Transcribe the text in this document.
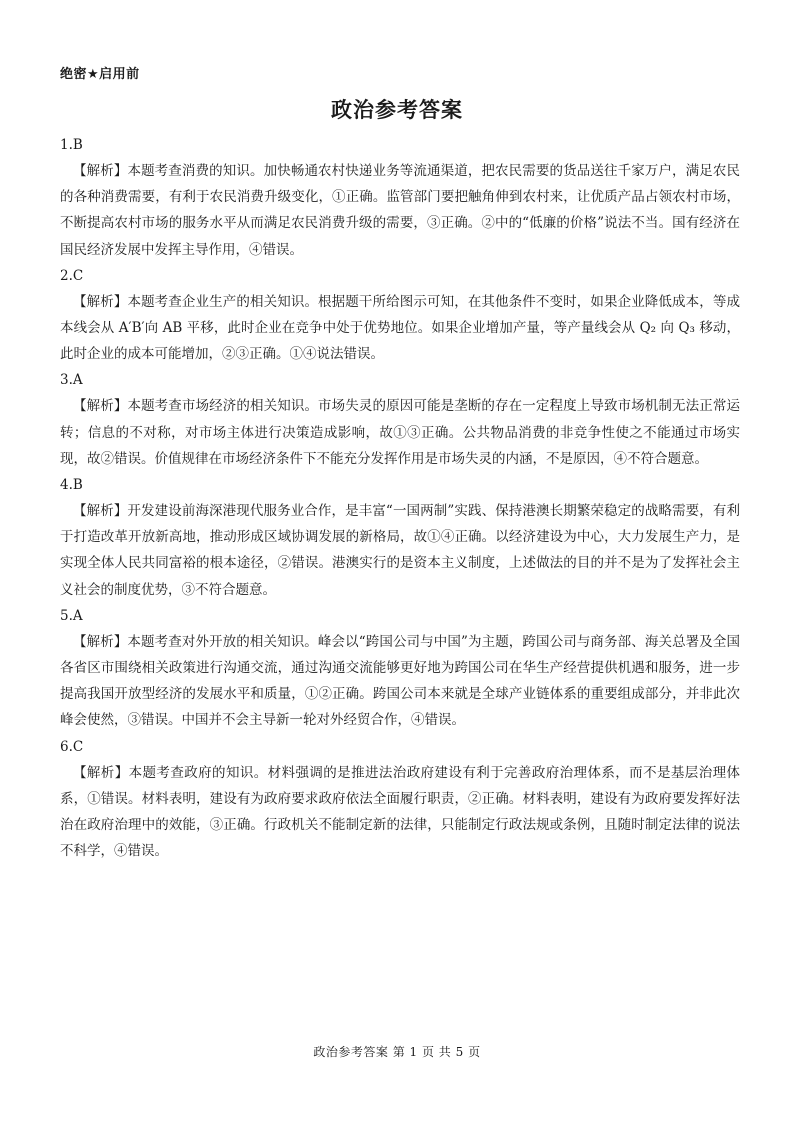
绝密★启用前
政治参考答案

1.B

【解析】本题考查消费的知识。加快畅通农村快递业务等流通渠道，把农民需要的货品送往千家万户，满足农民的各种消费需要，有利于农民消费升级变化，①正确。监管部门要把触角伸到农村来，让优质产品占领农村市场，不断提高农村市场的服务水平从而满足农民消费升级的需要，③正确。②中的“低廉的价格”说法不当。国有经济在国民经济发展中发挥主导作用，④错误。

2.C

【解析】本题考查企业生产的相关知识。根据题干所给图示可知，在其他条件不变时，如果企业降低成本，等成本线会从 A′B′向 AB 平移，此时企业在竞争中处于优势地位。如果企业增加产量，等产量线会从 Q₂ 向 Q₃ 移动，此时企业的成本可能增加，②③正确。①④说法错误。

3.A

【解析】本题考查市场经济的相关知识。市场失灵的原因可能是垄断的存在一定程度上导致市场机制无法正常运转；信息的不对称，对市场主体进行决策造成影响，故①③正确。公共物品消费的非竞争性使之不能通过市场实现，故②错误。价值规律在市场经济条件下不能充分发挥作用是市场失灵的内涵，不是原因，④不符合题意。

4.B

【解析】开发建设前海深港现代服务业合作，是丰富“一国两制”实践、保持港澳长期繁荣稳定的战略需要，有利于打造改革开放新高地，推动形成区域协调发展的新格局，故①④正确。以经济建设为中心，大力发展生产力，是实现全体人民共同富裕的根本途径，②错误。港澳实行的是资本主义制度，上述做法的目的并不是为了发挥社会主义社会的制度优势，③不符合题意。

5.A

【解析】本题考查对外开放的相关知识。峰会以“跨国公司与中国”为主题，跨国公司与商务部、海关总署及全国各省区市围绕相关政策进行沟通交流，通过沟通交流能够更好地为跨国公司在华生产经营提供机遇和服务，进一步提高我国开放型经济的发展水平和质量，①②正确。跨国公司本来就是全球产业链体系的重要组成部分，并非此次峰会使然，③错误。中国并不会主导新一轮对外经贸合作，④错误。

6.C

【解析】本题考查政府的知识。材料强调的是推进法治政府建设有利于完善政府治理体系，而不是基层治理体系，①错误。材料表明，建设有为政府要求政府依法全面履行职责，②正确。材料表明，建设有为政府要发挥好法治在政府治理中的效能，③正确。行政机关不能制定新的法律，只能制定行政法规或条例，且随时制定法律的说法不科学，④错误。

政治参考答案 第 1 页 共 5 页
